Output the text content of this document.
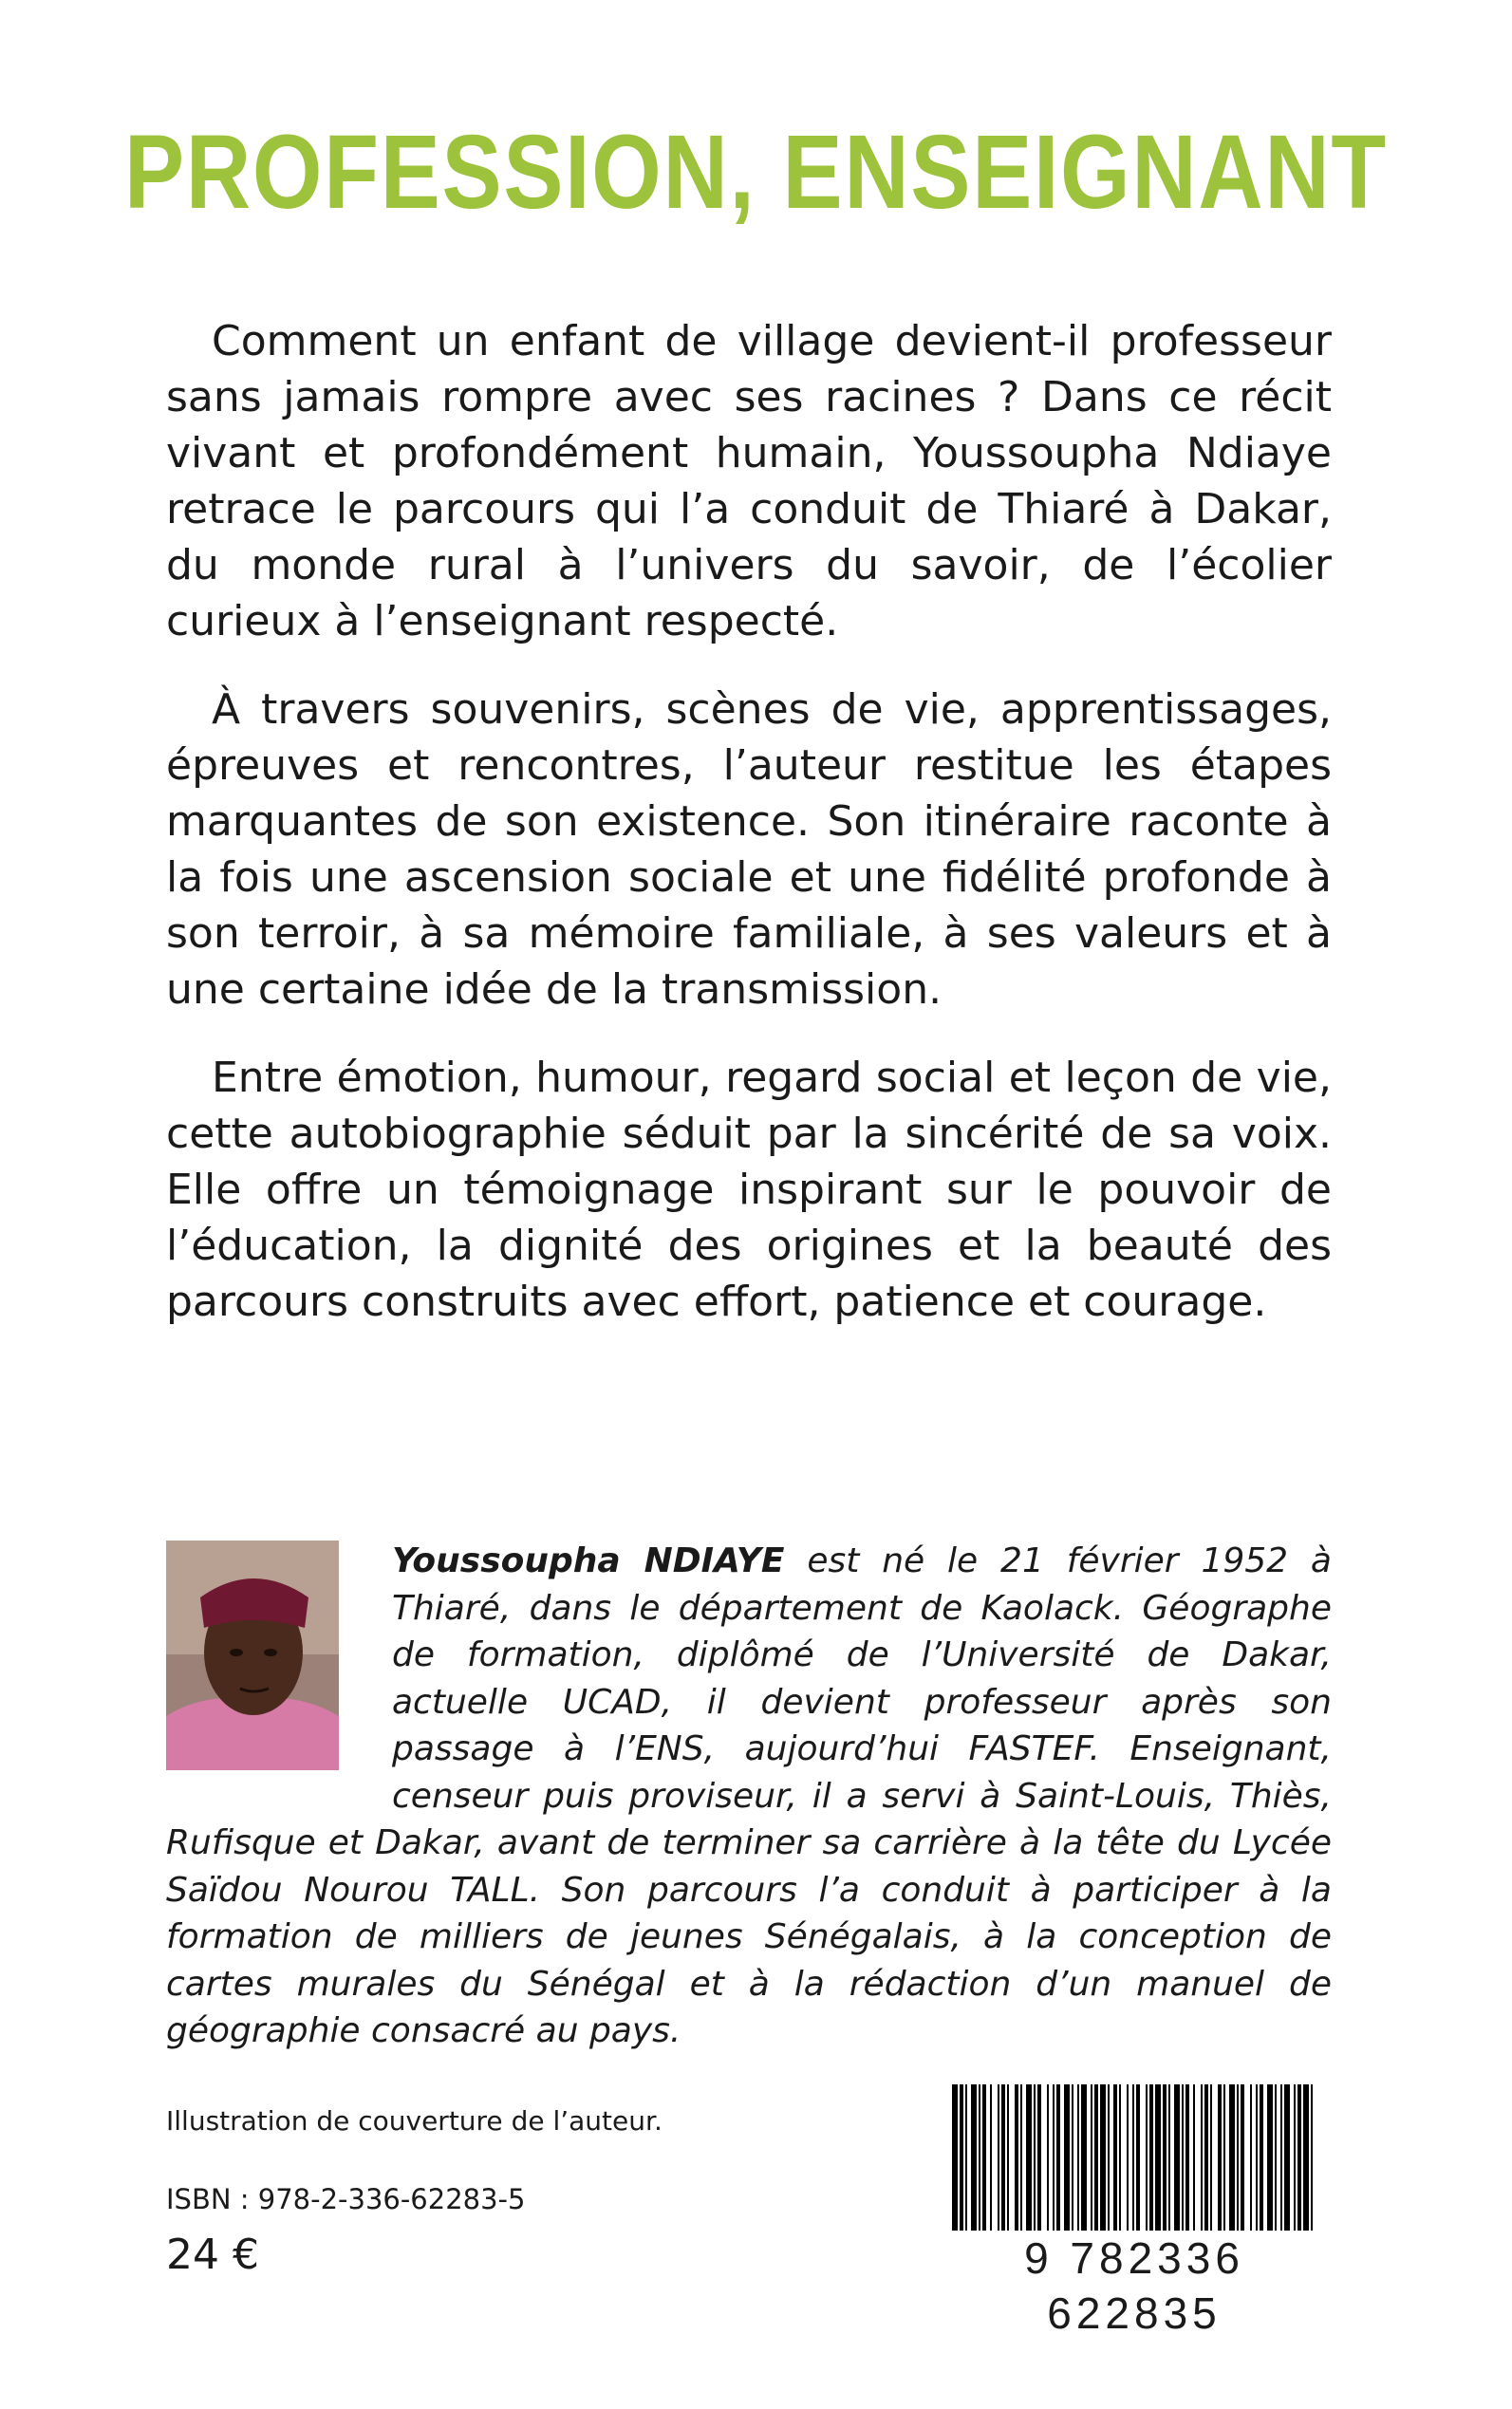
PROFESSION, ENSEIGNANT

Comment un enfant de village devient-il professeur sans jamais rompre avec ses racines ? Dans ce récit vivant et profondément humain, Youssoupha Ndiaye retrace le parcours qui l’a conduit de Thiaré à Dakar, du monde rural à l’univers du savoir, de l’écolier curieux à l’enseignant respecté.

À travers souvenirs, scènes de vie, apprentissages, épreuves et rencontres, l’auteur restitue les étapes marquantes de son existence. Son itinéraire raconte à la fois une ascension sociale et une fidélité profonde à son terroir, à sa mémoire familiale, à ses valeurs et à une certaine idée de la transmission.

Entre émotion, humour, regard social et leçon de vie, cette autobiographie séduit par la sincérité de sa voix. Elle offre un témoignage inspirant sur le pouvoir de l’éducation, la dignité des origines et la beauté des parcours construits avec effort, patience et courage.

Youssoupha NDIAYE est né le 21 février 1952 à Thiaré, dans le département de Kaolack. Géographe de formation, diplômé de l’Université de Dakar, actuelle UCAD, il devient professeur après son passage à l’ENS, aujourd’hui FASTEF. Enseignant, censeur puis proviseur, il a servi à Saint-Louis, Thiès, Rufisque et Dakar, avant de terminer sa carrière à la tête du Lycée Saïdou Nourou TALL. Son parcours l’a conduit à participer à la formation de milliers de jeunes Sénégalais, à la conception de cartes murales du Sénégal et à la rédaction d’un manuel de géographie consacré au pays.

Illustration de couverture de l’auteur.

ISBN : 978-2-336-62283-5

24 €	9 782336 622835
